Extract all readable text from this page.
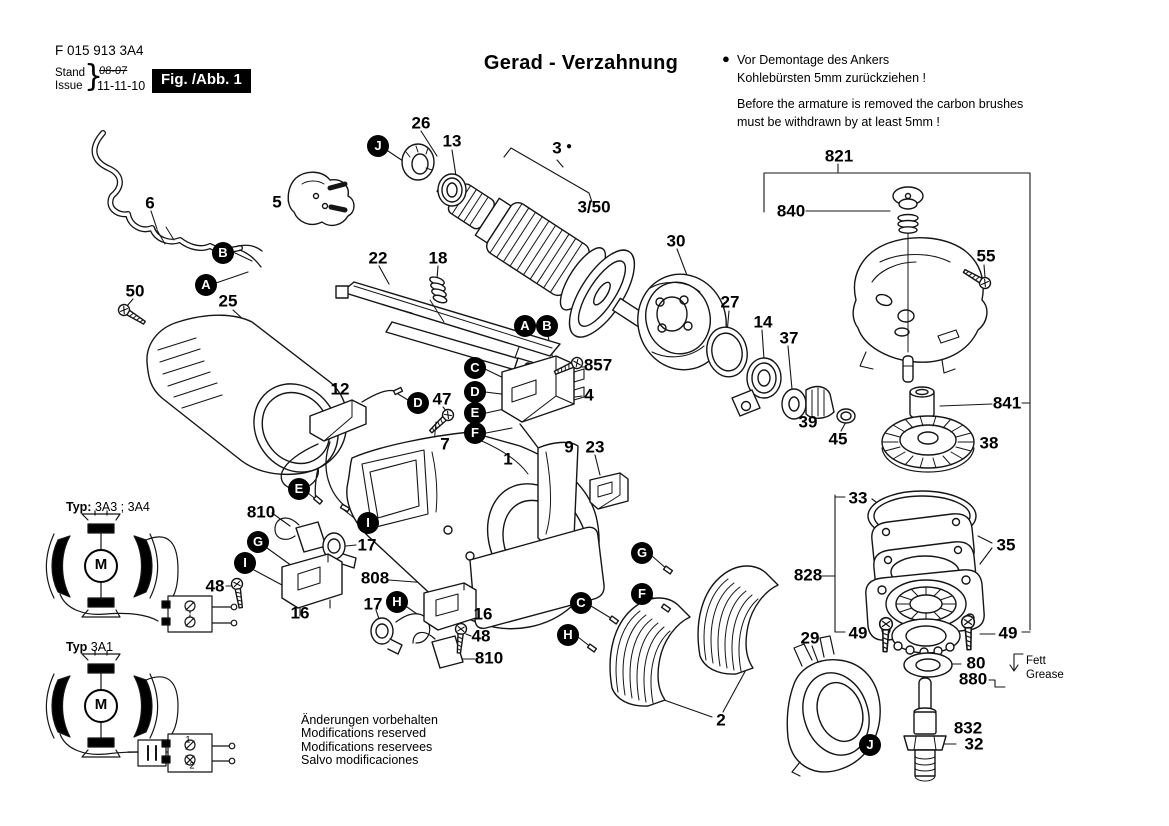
F 015 913 3A4
Stand
Issue }
08-07
11-11-10	Fig. /Abb. 1
Gerad - Verzahnung	● Vor Demontage des Ankers
Kohlebürsten 5mm zurückziehen !
Before the armature is removed the carbon brushes
must be withdrawn by at least 5mm !
Typ: 3A3 ; 3A4
Typ 3A1
M
M
Fett
Grease
Änderungen vorbehalten
Modifications reserved
Modifications reservees
Salvo modificaciones
26
13	3 ●
3/50
30
821
840
55
5
6
22 18
27
14
37
50
25
857
4
12
47
39
45
841
38
33
35
7	9 23
1
828
810
17
808
17
48
16	16
48
810
29 49	49
80
880
832
32
2
1
2
J
B
A
A B
C
D
D
E
F
E
I
G
I
H
G
F
C
H
J
